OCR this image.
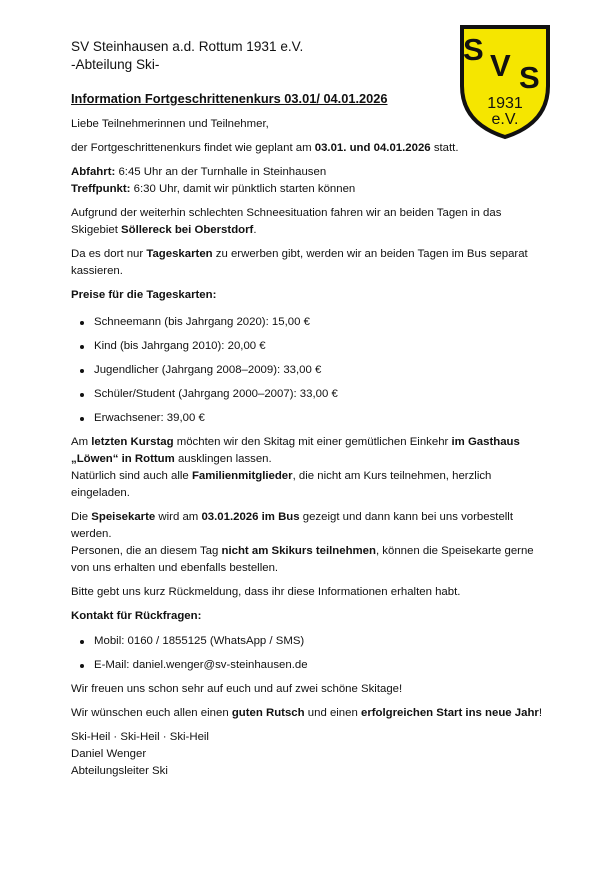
SV Steinhausen a.d. Rottum 1931 e.V.
-Abteilung Ski-	S V S
1931
e.V.
Information Fortgeschrittenenkurs 03.01/ 04.01.2026

Liebe Teilnehmerinnen und Teilnehmer,

der Fortgeschrittenenkurs findet wie geplant am 03.01. und 04.01.2026 statt.

Abfahrt: 6:45 Uhr an der Turnhalle in Steinhausen

Treffpunkt: 6:30 Uhr, damit wir pünktlich starten können

Aufgrund der weiterhin schlechten Schneesituation fahren wir an beiden Tagen in das Skigebiet Söllereck bei Oberstdorf.

Da es dort nur Tageskarten zu erwerben gibt, werden wir an beiden Tagen im Bus separat kassieren.

Preise für die Tageskarten:

Schneemann (bis Jahrgang 2020): 15,00 €
Kind (bis Jahrgang 2010): 20,00 €
Jugendlicher (Jahrgang 2008–2009): 33,00 €
Schüler/Student (Jahrgang 2000–2007): 33,00 €
Erwachsener: 39,00 €

Am letzten Kurstag möchten wir den Skitag mit einer gemütlichen Einkehr im Gasthaus „Löwen“ in Rottum ausklingen lassen.
Natürlich sind auch alle Familienmitglieder, die nicht am Kurs teilnehmen, herzlich eingeladen.

Die Speisekarte wird am 03.01.2026 im Bus gezeigt und dann kann bei uns vorbestellt werden.
Personen, die an diesem Tag nicht am Skikurs teilnehmen, können die Speisekarte gerne von uns erhalten und ebenfalls bestellen.

Bitte gebt uns kurz Rückmeldung, dass ihr diese Informationen erhalten habt.

Kontakt für Rückfragen:

Mobil: 0160 / 1855125 (WhatsApp / SMS)
E-Mail: daniel.wenger@sv-steinhausen.de

Wir freuen uns schon sehr auf euch und auf zwei schöne Skitage!

Wir wünschen euch allen einen guten Rutsch und einen erfolgreichen Start ins neue Jahr!

Ski-Heil · Ski-Heil · Ski-Heil
Daniel Wenger
Abteilungsleiter Ski
